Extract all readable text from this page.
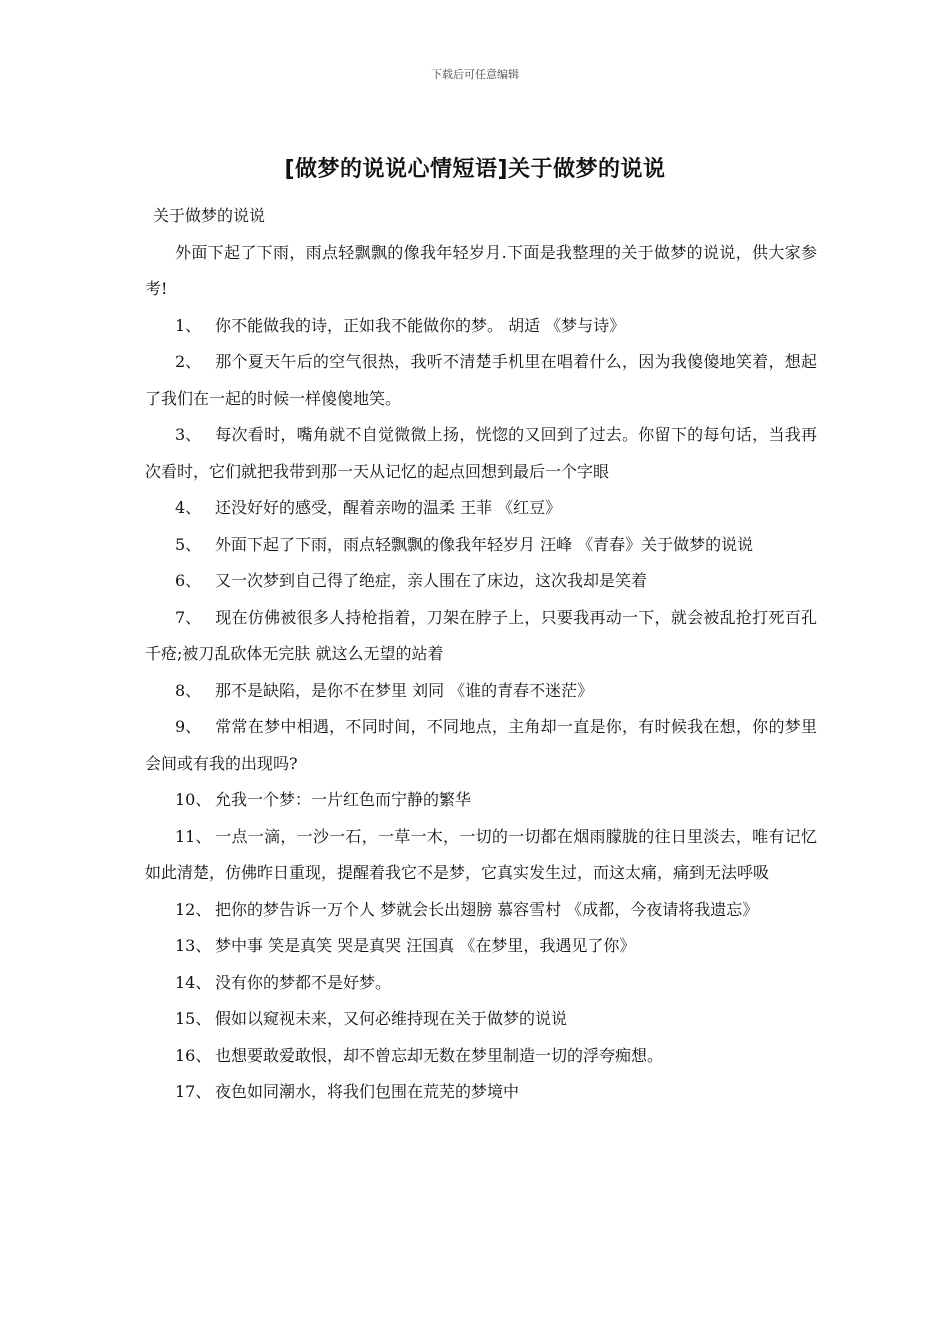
下载后可任意编辑
[做梦的说说心情短语]关于做梦的说说
关于做梦的说说
外面下起了下雨，雨点轻飘飘的像我年轻岁月.下面是我整理的关于做梦的说说，供大家参考!
1、 你不能做我的诗，正如我不能做你的梦。 胡适 《梦与诗》
2、 那个夏天午后的空气很热，我听不清楚手机里在唱着什么，因为我傻傻地笑着，想起了我们在一起的时候一样傻傻地笑。
3、 每次看时，嘴角就不自觉微微上扬，恍惚的又回到了过去。你留下的每句话，当我再次看时，它们就把我带到那一天从记忆的起点回想到最后一个字眼
4、 还没好好的感受，醒着亲吻的温柔 王菲 《红豆》
5、 外面下起了下雨，雨点轻飘飘的像我年轻岁月 汪峰 《青春》关于做梦的说说
6、 又一次梦到自己得了绝症，亲人围在了床边，这次我却是笑着
7、 现在仿佛被很多人持枪指着，刀架在脖子上，只要我再动一下，就会被乱抢打死百孔千疮;被刀乱砍体无完肤 就这么无望的站着
8、 那不是缺陷，是你不在梦里 刘同 《谁的青春不迷茫》
9、 常常在梦中相遇，不同时间，不同地点，主角却一直是你，有时候我在想，你的梦里会间或有我的出现吗?
10、 允我一个梦：一片红色而宁静的繁华
11、 一点一滴，一沙一石，一草一木，一切的一切都在烟雨朦胧的往日里淡去，唯有记忆如此清楚，仿佛昨日重现，提醒着我它不是梦，它真实发生过，而这太痛，痛到无法呼吸
12、 把你的梦告诉一万个人 梦就会长出翅膀 慕容雪村 《成都，今夜请将我遗忘》
13、 梦中事 笑是真笑 哭是真哭 汪国真 《在梦里，我遇见了你》
14、 没有你的梦都不是好梦。
15、 假如以窥视未来，又何必维持现在关于做梦的说说
16、 也想要敢爱敢恨，却不曾忘却无数在梦里制造一切的浮夸痴想。
17、 夜色如同潮水，将我们包围在荒芜的梦境中
